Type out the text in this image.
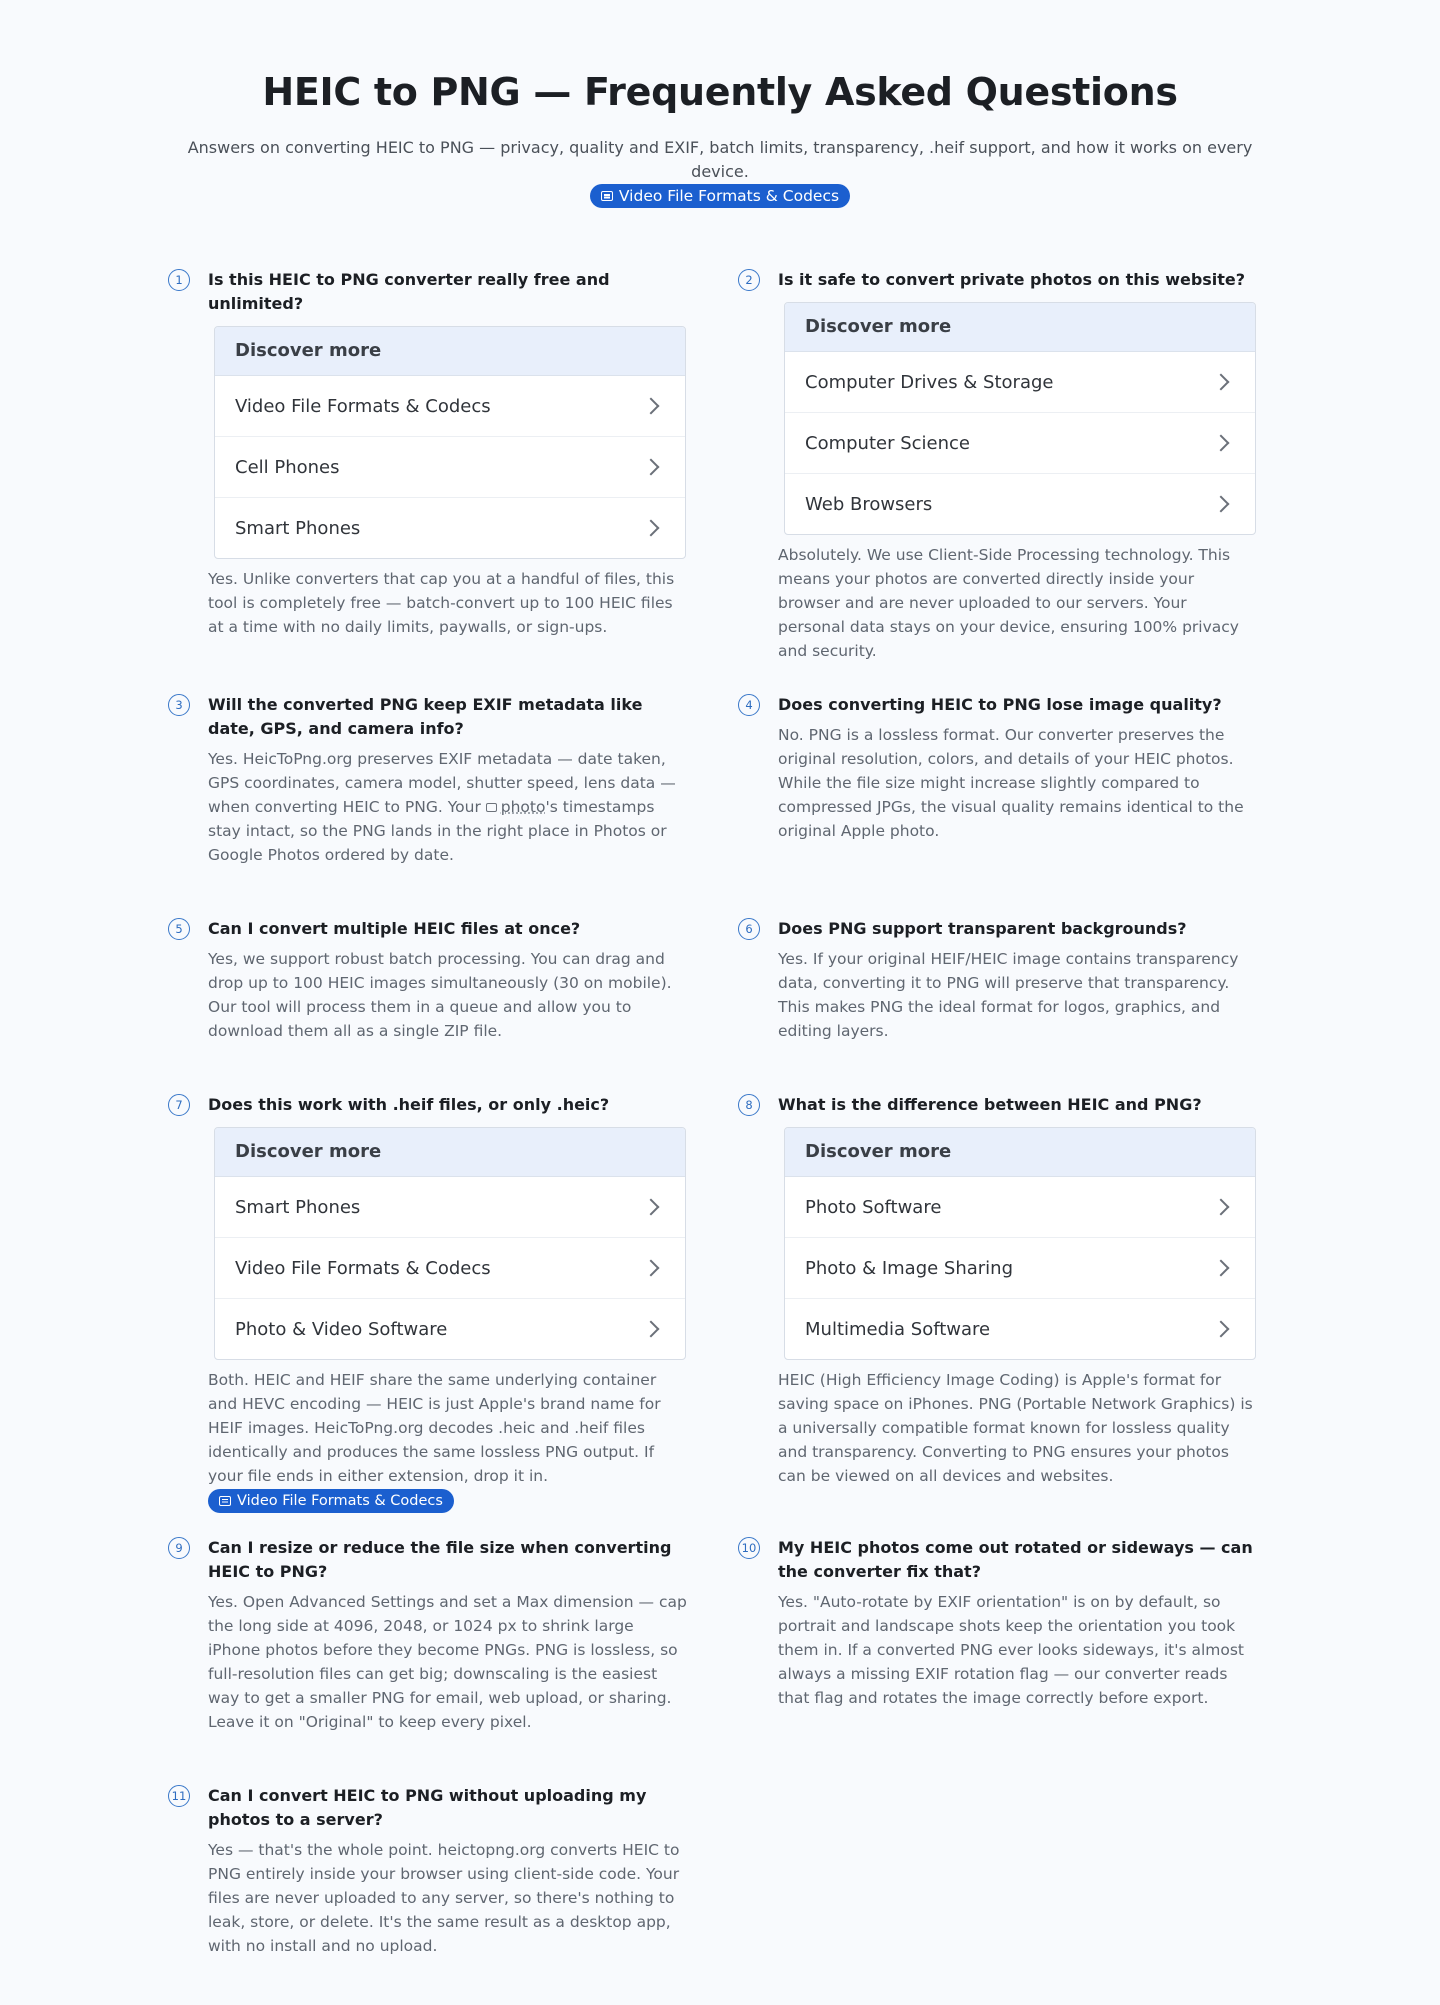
HEIC to PNG — Frequently Asked Questions
Answers on converting HEIC to PNG — privacy, quality and EXIF, batch limits, transparency, .heif support, and how it works on every device.
Video File Formats & Codecs
1	Is this HEIC to PNG converter really free and unlimited?
Discover more
Video File Formats & Codecs
Cell Phones
Smart Phones
Yes. Unlike converters that cap you at a handful of files, this tool is completely free — batch-convert up to 100 HEIC files at a time with no daily limits, paywalls, or sign-ups.
2	Is it safe to convert private photos on this website?
Discover more
Computer Drives & Storage
Computer Science
Web Browsers
Absolutely. We use Client-Side Processing technology. This means your photos are converted directly inside your browser and are never uploaded to our servers. Your personal data stays on your device, ensuring 100% privacy and security.
3	Will the converted PNG keep EXIF metadata like date, GPS, and camera info?
Yes. HeicToPng.org preserves EXIF metadata — date taken, GPS coordinates, camera model, shutter speed, lens data — when converting HEIC to PNG. Your photo's timestamps stay intact, so the PNG lands in the right place in Photos or Google Photos ordered by date.
4	Does converting HEIC to PNG lose image quality?
No. PNG is a lossless format. Our converter preserves the original resolution, colors, and details of your HEIC photos. While the file size might increase slightly compared to compressed JPGs, the visual quality remains identical to the original Apple photo.
5	Can I convert multiple HEIC files at once?
Yes, we support robust batch processing. You can drag and drop up to 100 HEIC images simultaneously (30 on mobile). Our tool will process them in a queue and allow you to download them all as a single ZIP file.
6	Does PNG support transparent backgrounds?
Yes. If your original HEIF/HEIC image contains transparency data, converting it to PNG will preserve that transparency. This makes PNG the ideal format for logos, graphics, and editing layers.
7	Does this work with .heif files, or only .heic?
Discover more
Smart Phones
Video File Formats & Codecs
Photo & Video Software
Both. HEIC and HEIF share the same underlying container and HEVC encoding — HEIC is just Apple's brand name for HEIF images. HeicToPng.org decodes .heic and .heif files identically and produces the same lossless PNG output. If your file ends in either extension, drop it in.
Video File Formats & Codecs
8	What is the difference between HEIC and PNG?
Discover more
Photo Software
Photo & Image Sharing
Multimedia Software
HEIC (High Efficiency Image Coding) is Apple's format for saving space on iPhones. PNG (Portable Network Graphics) is a universally compatible format known for lossless quality and transparency. Converting to PNG ensures your photos can be viewed on all devices and websites.
9	Can I resize or reduce the file size when converting HEIC to PNG?
Yes. Open Advanced Settings and set a Max dimension — cap the long side at 4096, 2048, or 1024 px to shrink large iPhone photos before they become PNGs. PNG is lossless, so full-resolution files can get big; downscaling is the easiest way to get a smaller PNG for email, web upload, or sharing. Leave it on "Original" to keep every pixel.
10 My HEIC photos come out rotated or sideways — can the converter fix that?
Yes. "Auto-rotate by EXIF orientation" is on by default, so portrait and landscape shots keep the orientation you took them in. If a converted PNG ever looks sideways, it's almost always a missing EXIF rotation flag — our converter reads that flag and rotates the image correctly before export.
11 Can I convert HEIC to PNG without uploading my photos to a server?
Yes — that's the whole point. heictopng.org converts HEIC to PNG entirely inside your browser using client-side code. Your files are never uploaded to any server, so there's nothing to leak, store, or delete. It's the same result as a desktop app, with no install and no upload.
